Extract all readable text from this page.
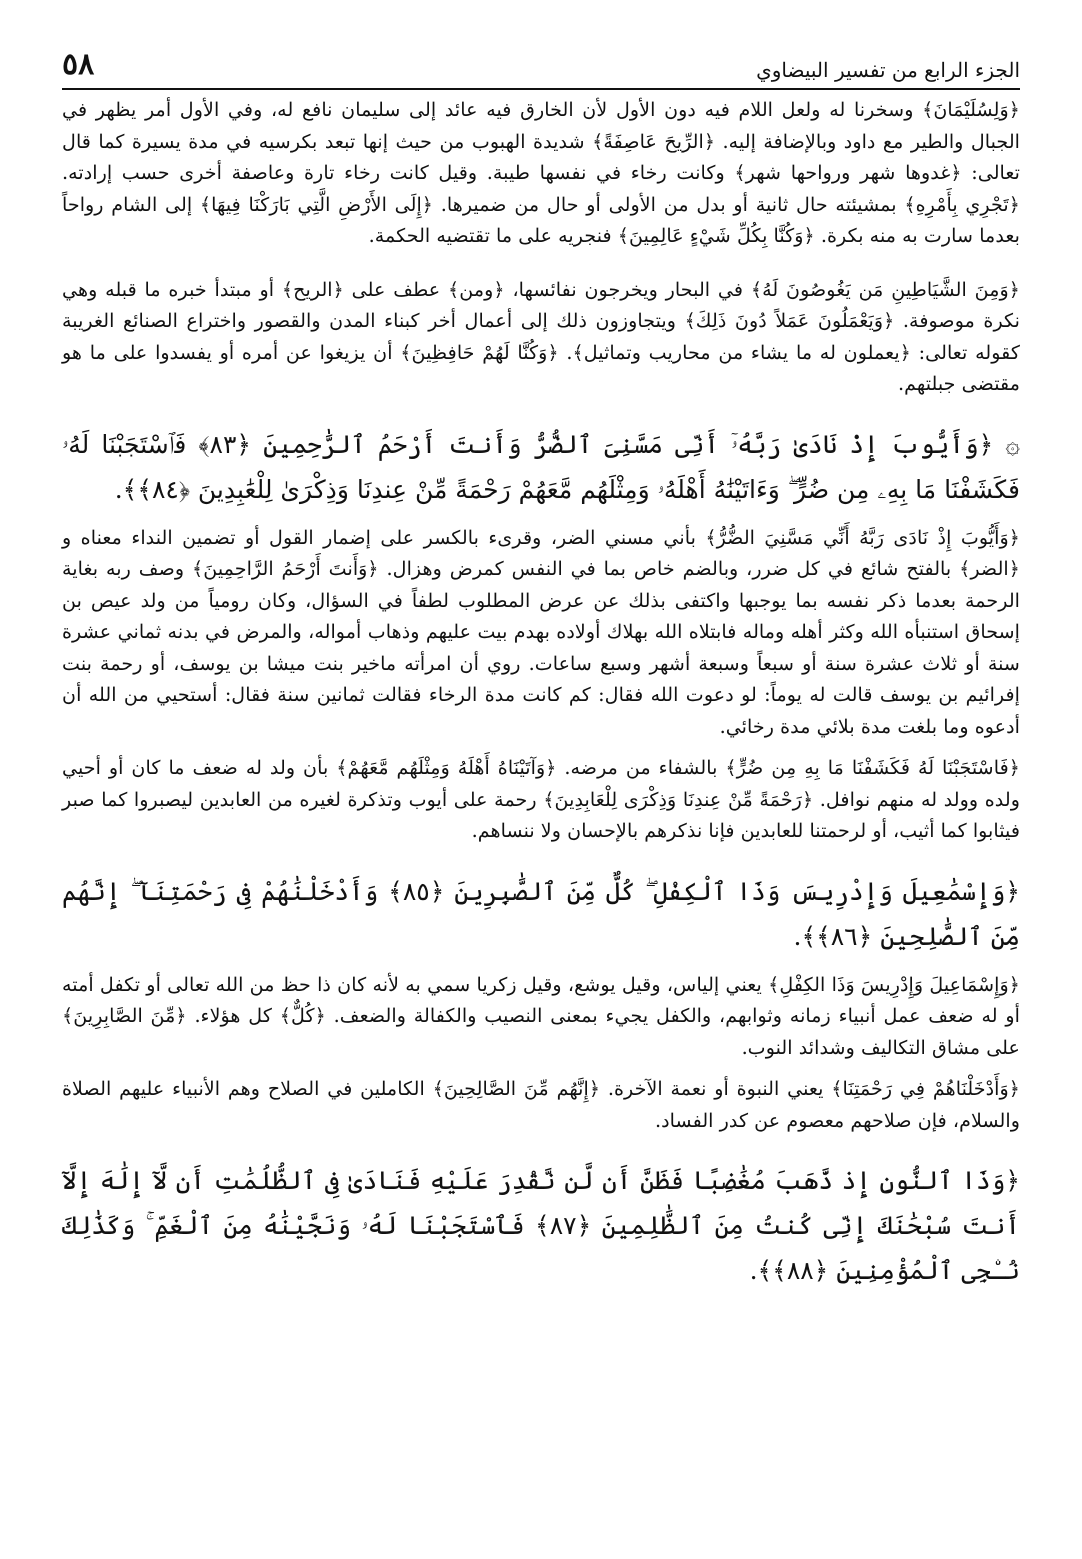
٥٨	الجزء الرابع من تفسير البيضاوي

﴿وَلِسُلَيْمَانَ﴾ وسخرنا له ولعل اللام فيه دون الأول لأن الخارق فيه عائد إلى سليمان نافع له، وفي الأول أمر يظهر في الجبال والطير مع داود وبالإضافة إليه. ﴿الرِّيحَ عَاصِفَةً﴾ شديدة الهبوب من حيث إنها تبعد بكرسيه في مدة يسيرة كما قال تعالى: ﴿غدوها شهر ورواحها شهر﴾ وكانت رخاء في نفسها طيبة. وقيل كانت رخاء تارة وعاصفة أخرى حسب إرادته. ﴿تَجْرِي بِأَمْرِهِ﴾ بمشيئته حال ثانية أو بدل من الأولى أو حال من ضميرها. ﴿إِلَى الأَرْضِ الَّتِي بَارَكْنَا فِيهَا﴾ إلى الشام رواحاً بعدما سارت به منه بكرة. ﴿وَكُنَّا بِكُلِّ شَيْءٍ عَالِمِينَ﴾ فنجريه على ما تقتضيه الحكمة.

﴿وَمِنَ الشَّيَاطِينِ مَن يَغُوصُونَ لَهُ﴾ في البحار ويخرجون نفائسها، ﴿ومن﴾ عطف على ﴿الريح﴾ أو مبتدأ خبره ما قبله وهي نكرة موصوفة. ﴿وَيَعْمَلُونَ عَمَلاً دُونَ ذَلِكَ﴾ ويتجاوزون ذلك إلى أعمال أخر كبناء المدن والقصور واختراع الصنائع الغريبة كقوله تعالى: ﴿يعملون له ما يشاء من محاريب وتماثيل﴾. ﴿وَكُنَّا لَهُمْ حَافِظِينَ﴾ أن يزيغوا عن أمره أو يفسدوا على ما هو مقتضى جبلتهم.

۞ ﴿وَأَيُّوبَ إِذْ نَادَىٰ رَبَّهُۥٓ أَنِّى مَسَّنِىَ ٱلضُّرُّ وَأَنتَ أَرْحَمُ ٱلرَّٰحِمِينَ ﴿٨٣﴾ فَٱسْتَجَبْنَا لَهُۥ فَكَشَفْنَا مَا بِهِۦ مِن ضُرٍّ ۖ وَءَاتَيْنَٰهُ أَهْلَهُۥ وَمِثْلَهُم مَّعَهُمْ رَحْمَةً مِّنْ عِندِنَا وَذِكْرَىٰ لِلْعَٰبِدِينَ ﴿٨٤﴾﴾.

﴿وَأَيُّوبَ إِذْ نَادَى رَبَّهُ أَنِّي مَسَّنِيَ الضُّرُّ﴾ بأني مسني الضر، وقرىء بالكسر على إضمار القول أو تضمين النداء معناه و ﴿الضر﴾ بالفتح شائع في كل ضرر، وبالضم خاص بما في النفس كمرض وهزال. ﴿وَأَنتَ أَرْحَمُ الرَّاحِمِينَ﴾ وصف ربه بغاية الرحمة بعدما ذكر نفسه بما يوجبها واكتفى بذلك عن عرض المطلوب لطفاً في السؤال، وكان رومياً من ولد عيص بن إسحاق استنبأه الله وكثر أهله وماله فابتلاه الله بهلاك أولاده بهدم بيت عليهم وذهاب أمواله، والمرض في بدنه ثماني عشرة سنة أو ثلاث عشرة سنة أو سبعاً وسبعة أشهر وسبع ساعات. روي أن امرأته ماخير بنت ميشا بن يوسف، أو رحمة بنت إفرائيم بن يوسف قالت له يوماً: لو دعوت الله فقال: كم كانت مدة الرخاء فقالت ثمانين سنة فقال: أستحيي من الله أن أدعوه وما بلغت مدة بلائي مدة رخائي.

﴿فَاسْتَجَبْنَا لَهُ فَكَشَفْنَا مَا بِهِ مِن ضُرٍّ﴾ بالشفاء من مرضه. ﴿وَآتَيْنَاهُ أَهْلَهُ وَمِثْلَهُم مَّعَهُمْ﴾ بأن ولد له ضعف ما كان أو أحيي ولده وولد له منهم نوافل. ﴿رَحْمَةً مِّنْ عِندِنَا وَذِكْرَى لِلْعَابِدِينَ﴾ رحمة على أيوب وتذكرة لغيره من العابدين ليصبروا كما صبر فيثابوا كما أثيب، أو لرحمتنا للعابدين فإنا نذكرهم بالإحسان ولا ننساهم.

﴿وَإِسْمَٰعِيلَ وَإِدْرِيسَ وَذَا ٱلْكِفْلِ ۖ كُلٌّ مِّنَ ٱلصَّٰبِرِينَ ﴿٨٥﴾ وَأَدْخَلْنَٰهُمْ فِى رَحْمَتِنَآ ۖ إِنَّهُم مِّنَ ٱلصَّٰلِحِينَ ﴿٨٦﴾﴾.

﴿وَإِسْمَاعِيلَ وَإِدْرِيسَ وَذَا الكِفْلِ﴾ يعني إلياس، وقيل يوشع، وقيل زكريا سمي به لأنه كان ذا حظ من الله تعالى أو تكفل أمته أو له ضعف عمل أنبياء زمانه وثوابهم، والكفل يجيء بمعنى النصيب والكفالة والضعف. ﴿كُلٌّ﴾ كل هؤلاء. ﴿مِّنَ الصَّابِرِينَ﴾ على مشاق التكاليف وشدائد النوب.

﴿وَأَدْخَلْنَاهُمْ فِي رَحْمَتِنَا﴾ يعني النبوة أو نعمة الآخرة. ﴿إِنَّهُم مِّنَ الصَّالِحِينَ﴾ الكاملين في الصلاح وهم الأنبياء عليهم الصلاة والسلام، فإن صلاحهم معصوم عن كدر الفساد.

﴿وَذَا ٱلنُّونِ إِذ ذَّهَبَ مُغَٰضِبًا فَظَنَّ أَن لَّن نَّقْدِرَ عَلَيْهِ فَنَادَىٰ فِى ٱلظُّلُمَٰتِ أَن لَّآ إِلَٰهَ إِلَّآ أَنتَ سُبْحَٰنَكَ إِنِّى كُنتُ مِنَ ٱلظَّٰلِمِينَ ﴿٨٧﴾ فَٱسْتَجَبْنَا لَهُۥ وَنَجَّيْنَٰهُ مِنَ ٱلْغَمِّ ۚ وَكَذَٰلِكَ نُـۨجِى ٱلْمُؤْمِنِينَ ﴿٨٨﴾﴾.
